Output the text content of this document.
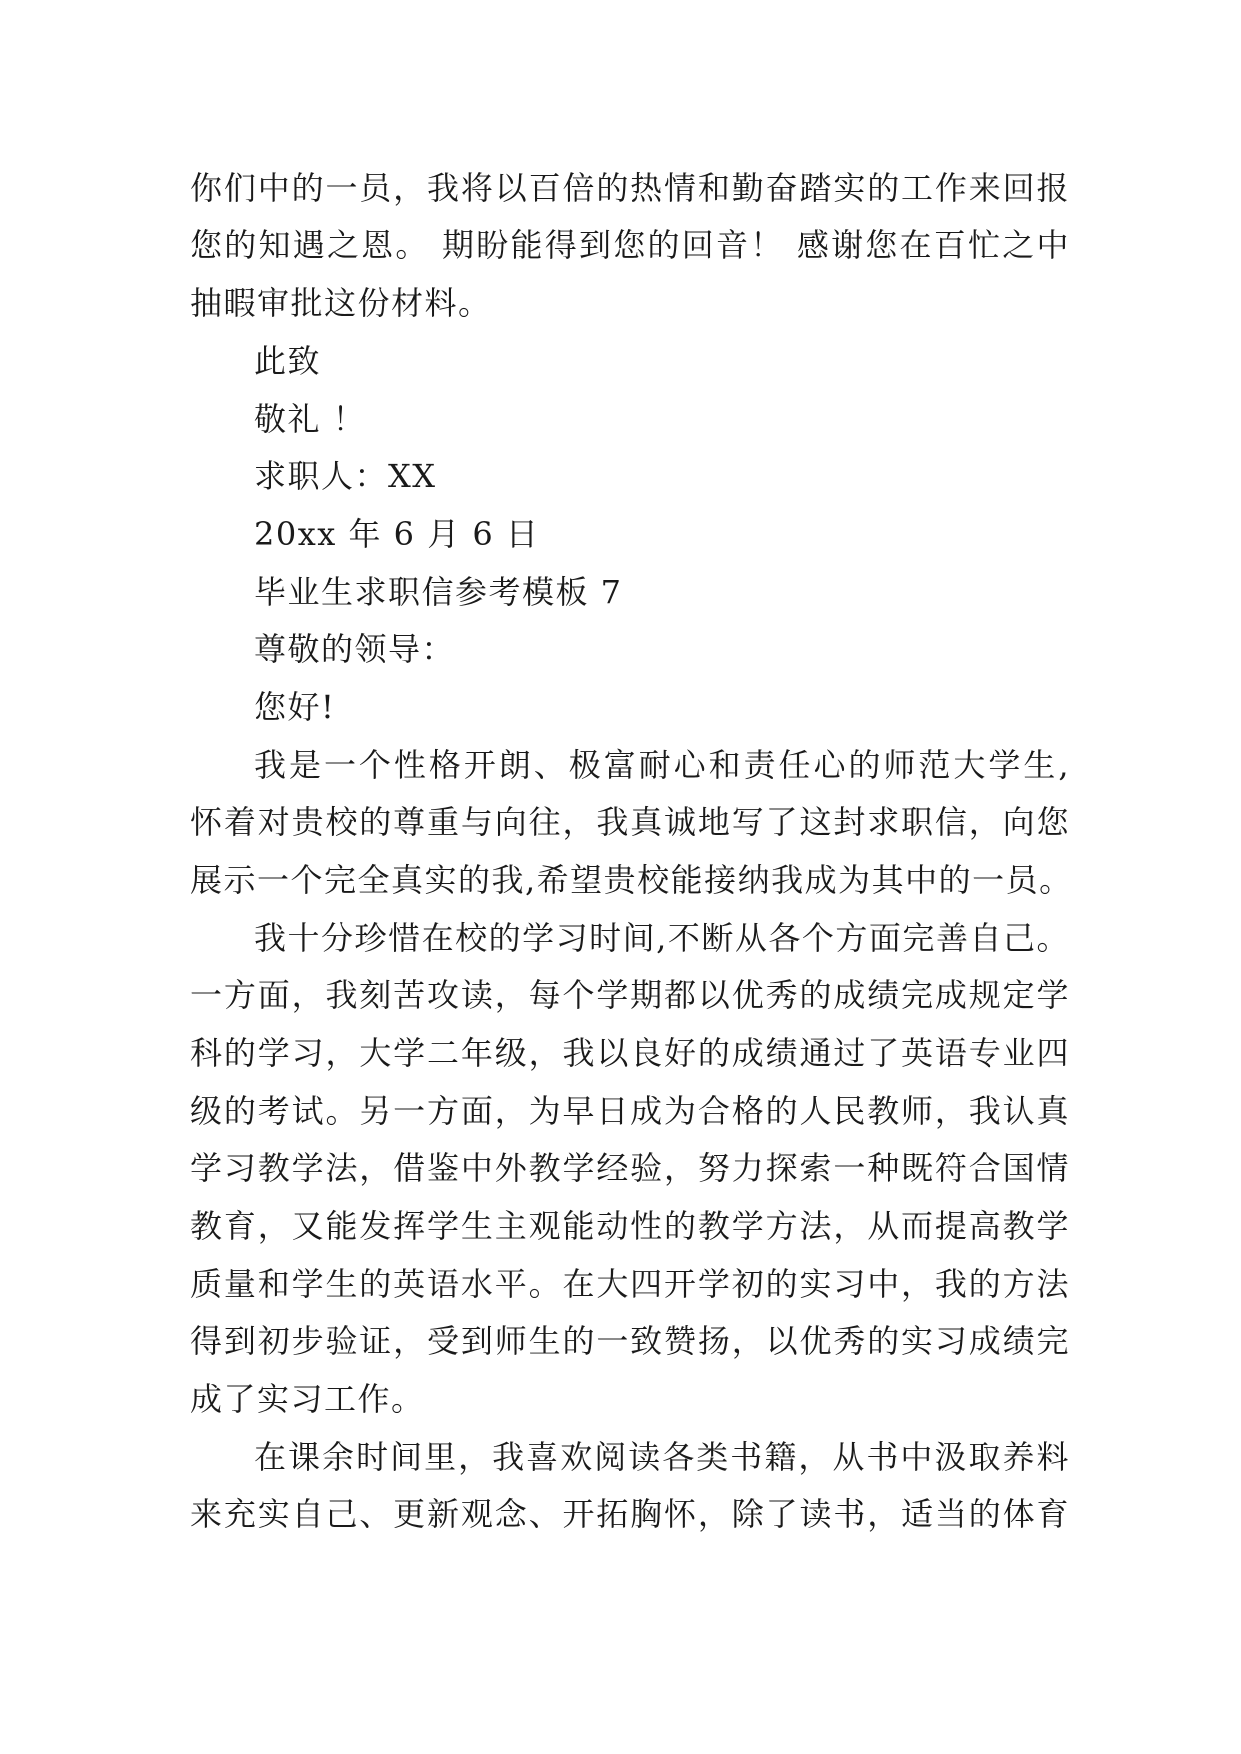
你们中的一员，我将以百倍的热情和勤奋踏实的工作来回报
您的知遇之恩。 期盼能得到您的回音！ 感谢您在百忙之中
抽暇审批这份材料。
此致
敬礼 ！
求职人：XX
20xx 年 6 月 6 日
毕业生求职信参考模板 7
尊敬的领导：
您好!
我是一个性格开朗、极富耐心和责任心的师范大学生,
怀着对贵校的尊重与向往，我真诚地写了这封求职信，向您
展示一个完全真实的我,希望贵校能接纳我成为其中的一员。
我十分珍惜在校的学习时间,不断从各个方面完善自己。
一方面，我刻苦攻读，每个学期都以优秀的成绩完成规定学
科的学习，大学二年级，我以良好的成绩通过了英语专业四
级的考试。另一方面，为早日成为合格的人民教师，我认真
学习教学法，借鉴中外教学经验，努力探索一种既符合国情
教育，又能发挥学生主观能动性的教学方法，从而提高教学
质量和学生的英语水平。在大四开学初的实习中，我的方法
得到初步验证，受到师生的一致赞扬，以优秀的实习成绩完
成了实习工作。
在课余时间里，我喜欢阅读各类书籍，从书中汲取养料
来充实自己、更新观念、开拓胸怀，除了读书，适当的体育
